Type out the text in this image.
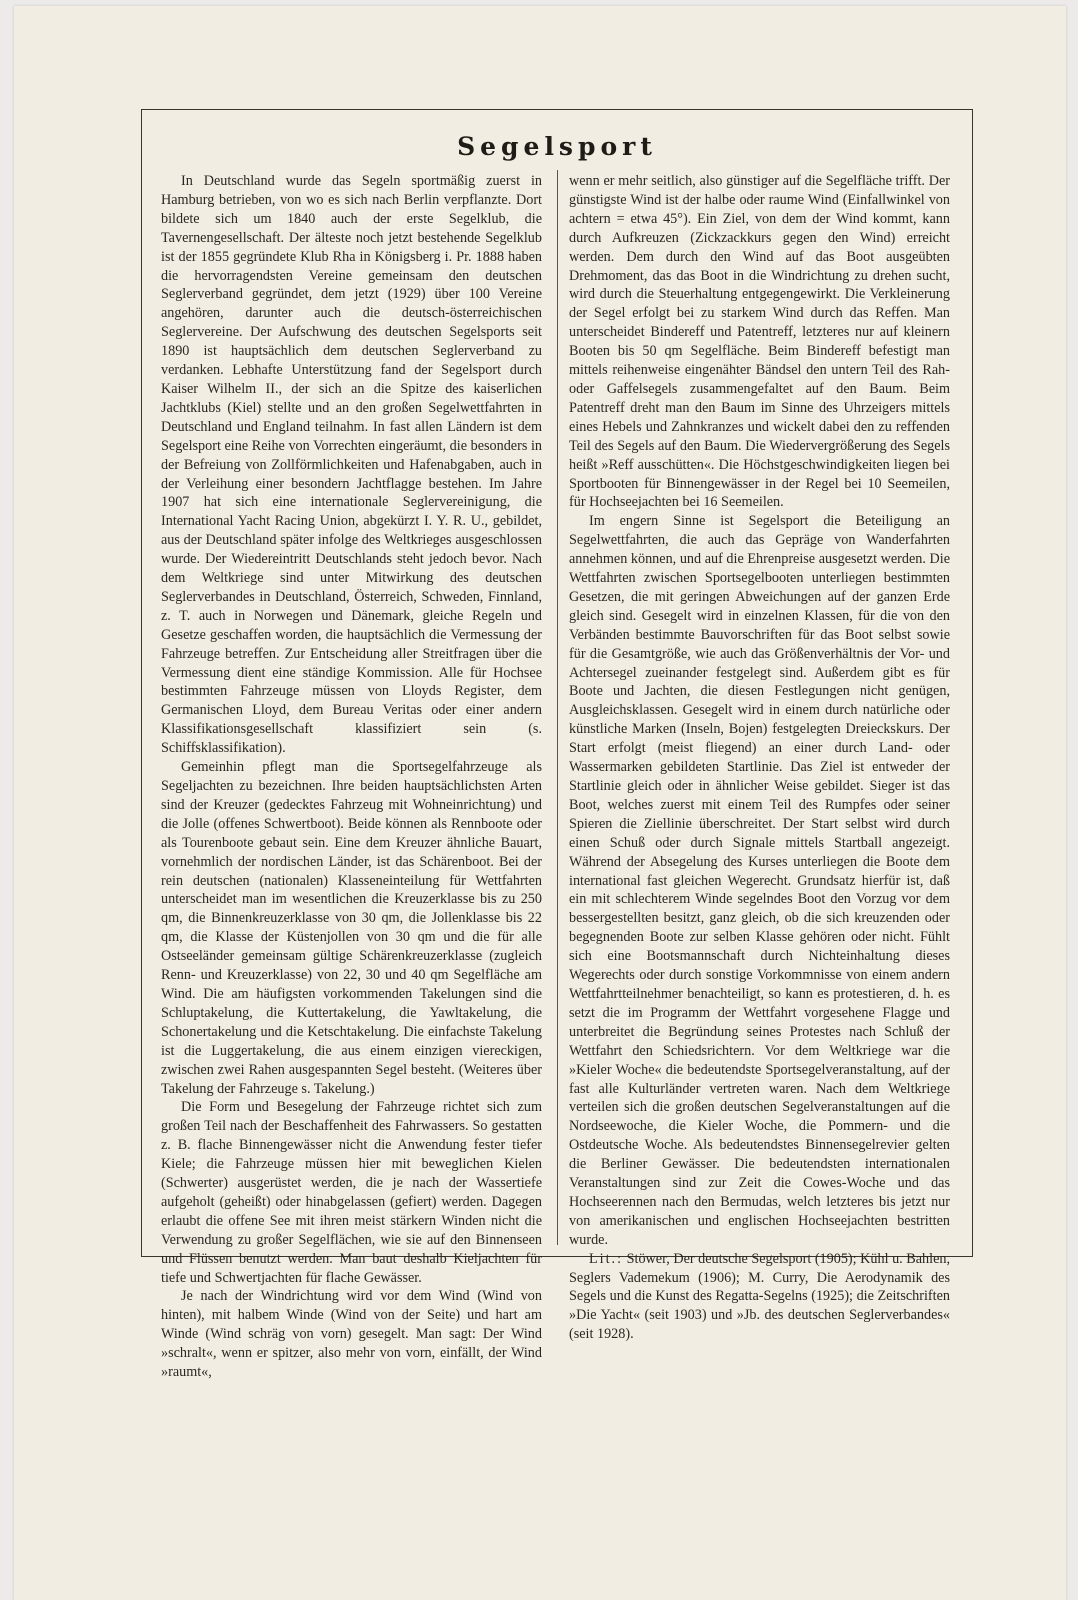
Segelsport

In Deutschland wurde das Segeln sportmäßig zuerst in Hamburg betrieben, von wo es sich nach Berlin verpflanzte. Dort bildete sich um 1840 auch der erste Segelklub, die Tavernengesellschaft. Der älteste noch jetzt bestehende Segelklub ist der 1855 gegründete Klub Rha in Königsberg i. Pr. 1888 haben die hervorragendsten Vereine gemeinsam den deutschen Seglerverband gegründet, dem jetzt (1929) über 100 Vereine angehören, darunter auch die deutsch-österreichischen Seglervereine. Der Aufschwung des deutschen Segelsports seit 1890 ist hauptsächlich dem deutschen Seglerverband zu verdanken. Lebhafte Unterstützung fand der Segelsport durch Kaiser Wilhelm II., der sich an die Spitze des kaiserlichen Jachtklubs (Kiel) stellte und an den großen Segelwettfahrten in Deutschland und England teilnahm. In fast allen Ländern ist dem Segelsport eine Reihe von Vorrechten eingeräumt, die besonders in der Befreiung von Zollförmlichkeiten und Hafenabgaben, auch in der Verleihung einer besondern Jachtflagge bestehen. Im Jahre 1907 hat sich eine internationale Seglervereinigung, die International Yacht Racing Union, abgekürzt I. Y. R. U., gebildet, aus der Deutschland später infolge des Weltkrieges ausgeschlossen wurde. Der Wiedereintritt Deutschlands steht jedoch bevor. Nach dem Weltkriege sind unter Mitwirkung des deutschen Seglerverbandes in Deutschland, Österreich, Schweden, Finnland, z. T. auch in Norwegen und Dänemark, gleiche Regeln und Gesetze geschaffen worden, die hauptsächlich die Vermessung der Fahrzeuge betreffen. Zur Entscheidung aller Streitfragen über die Vermessung dient eine ständige Kommission. Alle für Hochsee bestimmten Fahrzeuge müssen von Lloyds Register, dem Germanischen Lloyd, dem Bureau Veritas oder einer andern Klassifikationsgesellschaft klassifiziert sein (s. Schiffsklassifikation).

Gemeinhin pflegt man die Sportsegelfahrzeuge als Segeljachten zu bezeichnen. Ihre beiden hauptsächlichsten Arten sind der Kreuzer (gedecktes Fahrzeug mit Wohneinrichtung) und die Jolle (offenes Schwertboot). Beide können als Rennboote oder als Tourenboote gebaut sein. Eine dem Kreuzer ähnliche Bauart, vornehmlich der nordischen Länder, ist das Schärenboot. Bei der rein deutschen (nationalen) Klasseneinteilung für Wettfahrten unterscheidet man im wesentlichen die Kreuzerklasse bis zu 250 qm, die Binnenkreuzerklasse von 30 qm, die Jollenklasse bis 22 qm, die Klasse der Küstenjollen von 30 qm und die für alle Ostseeländer gemeinsam gültige Schärenkreuzerklasse (zugleich Renn- und Kreuzerklasse) von 22, 30 und 40 qm Segelfläche am Wind. Die am häufigsten vorkommenden Takelungen sind die Schluptakelung, die Kuttertakelung, die Yawltakelung, die Schonertakelung und die Ketschtakelung. Die einfachste Takelung ist die Luggertakelung, die aus einem einzigen viereckigen, zwischen zwei Rahen ausgespannten Segel besteht. (Weiteres über Takelung der Fahrzeuge s. Takelung.)

Die Form und Besegelung der Fahrzeuge richtet sich zum großen Teil nach der Beschaffenheit des Fahrwassers. So gestatten z. B. flache Binnengewässer nicht die Anwendung fester tiefer Kiele; die Fahrzeuge müssen hier mit beweglichen Kielen (Schwerter) ausgerüstet werden, die je nach der Wassertiefe aufgeholt (geheißt) oder hinabgelassen (gefiert) werden. Dagegen erlaubt die offene See mit ihren meist stärkern Winden nicht die Verwendung zu großer Segelflächen, wie sie auf den Binnenseen und Flüssen benutzt werden. Man baut deshalb Kieljachten für tiefe und Schwertjachten für flache Gewässer.

Je nach der Windrichtung wird vor dem Wind (Wind von hinten), mit halbem Winde (Wind von der Seite) und hart am Winde (Wind schräg von vorn) gesegelt. Man sagt: Der Wind »schralt«, wenn er spitzer, also mehr von vorn, einfällt, der Wind »raumt«,

wenn er mehr seitlich, also günstiger auf die Segelfläche trifft. Der günstigste Wind ist der halbe oder raume Wind (Einfallwinkel von achtern = etwa 45°). Ein Ziel, von dem der Wind kommt, kann durch Aufkreuzen (Zickzackkurs gegen den Wind) erreicht werden. Dem durch den Wind auf das Boot ausgeübten Drehmoment, das das Boot in die Windrichtung zu drehen sucht, wird durch die Steuerhaltung entgegengewirkt. Die Verkleinerung der Segel erfolgt bei zu starkem Wind durch das Reffen. Man unterscheidet Bindereff und Patentreff, letzteres nur auf kleinern Booten bis 50 qm Segelfläche. Beim Bindereff befestigt man mittels reihenweise eingenähter Bändsel den untern Teil des Rah- oder Gaffelsegels zusammengefaltet auf den Baum. Beim Patentreff dreht man den Baum im Sinne des Uhrzeigers mittels eines Hebels und Zahnkranzes und wickelt dabei den zu reffenden Teil des Segels auf den Baum. Die Wiedervergrößerung des Segels heißt »Reff ausschütten«. Die Höchstgeschwindigkeiten liegen bei Sportbooten für Binnengewässer in der Regel bei 10 Seemeilen, für Hochseejachten bei 16 Seemeilen.

Im engern Sinne ist Segelsport die Beteiligung an Segelwettfahrten, die auch das Gepräge von Wanderfahrten annehmen können, und auf die Ehrenpreise ausgesetzt werden. Die Wettfahrten zwischen Sportsegelbooten unterliegen bestimmten Gesetzen, die mit geringen Abweichungen auf der ganzen Erde gleich sind. Gesegelt wird in einzelnen Klassen, für die von den Verbänden bestimmte Bauvorschriften für das Boot selbst sowie für die Gesamtgröße, wie auch das Größenverhältnis der Vor- und Achtersegel zueinander festgelegt sind. Außerdem gibt es für Boote und Jachten, die diesen Festlegungen nicht genügen, Ausgleichsklassen. Gesegelt wird in einem durch natürliche oder künstliche Marken (Inseln, Bojen) festgelegten Dreieckskurs. Der Start erfolgt (meist fliegend) an einer durch Land- oder Wassermarken gebildeten Startlinie. Das Ziel ist entweder der Startlinie gleich oder in ähnlicher Weise gebildet. Sieger ist das Boot, welches zuerst mit einem Teil des Rumpfes oder seiner Spieren die Ziellinie überschreitet. Der Start selbst wird durch einen Schuß oder durch Signale mittels Startball angezeigt. Während der Absegelung des Kurses unterliegen die Boote dem international fast gleichen Wegerecht. Grundsatz hierfür ist, daß ein mit schlechterem Winde segelndes Boot den Vorzug vor dem bessergestellten besitzt, ganz gleich, ob die sich kreuzenden oder begegnenden Boote zur selben Klasse gehören oder nicht. Fühlt sich eine Bootsmannschaft durch Nichteinhaltung dieses Wegerechts oder durch sonstige Vorkommnisse von einem andern Wettfahrtteilnehmer benachteiligt, so kann es protestieren, d. h. es setzt die im Programm der Wettfahrt vorgesehene Flagge und unterbreitet die Begründung seines Protestes nach Schluß der Wettfahrt den Schiedsrichtern. Vor dem Weltkriege war die »Kieler Woche« die bedeutendste Sportsegelveranstaltung, auf der fast alle Kulturländer vertreten waren. Nach dem Weltkriege verteilen sich die großen deutschen Segelveranstaltungen auf die Nordseewoche, die Kieler Woche, die Pommern- und die Ostdeutsche Woche. Als bedeutendstes Binnensegelrevier gelten die Berliner Gewässer. Die bedeutendsten internationalen Veranstaltungen sind zur Zeit die Cowes-Woche und das Hochseerennen nach den Bermudas, welch letzteres bis jetzt nur von amerikanischen und englischen Hochseejachten bestritten wurde.

Lit.: Stöwer, Der deutsche Segelsport (1905); Kühl u. Bahlen, Seglers Vademekum (1906); M. Curry, Die Aerodynamik des Segels und die Kunst des Regatta-Segelns (1925); die Zeitschriften »Die Yacht« (seit 1903) und »Jb. des deutschen Seglerverbandes« (seit 1928).
